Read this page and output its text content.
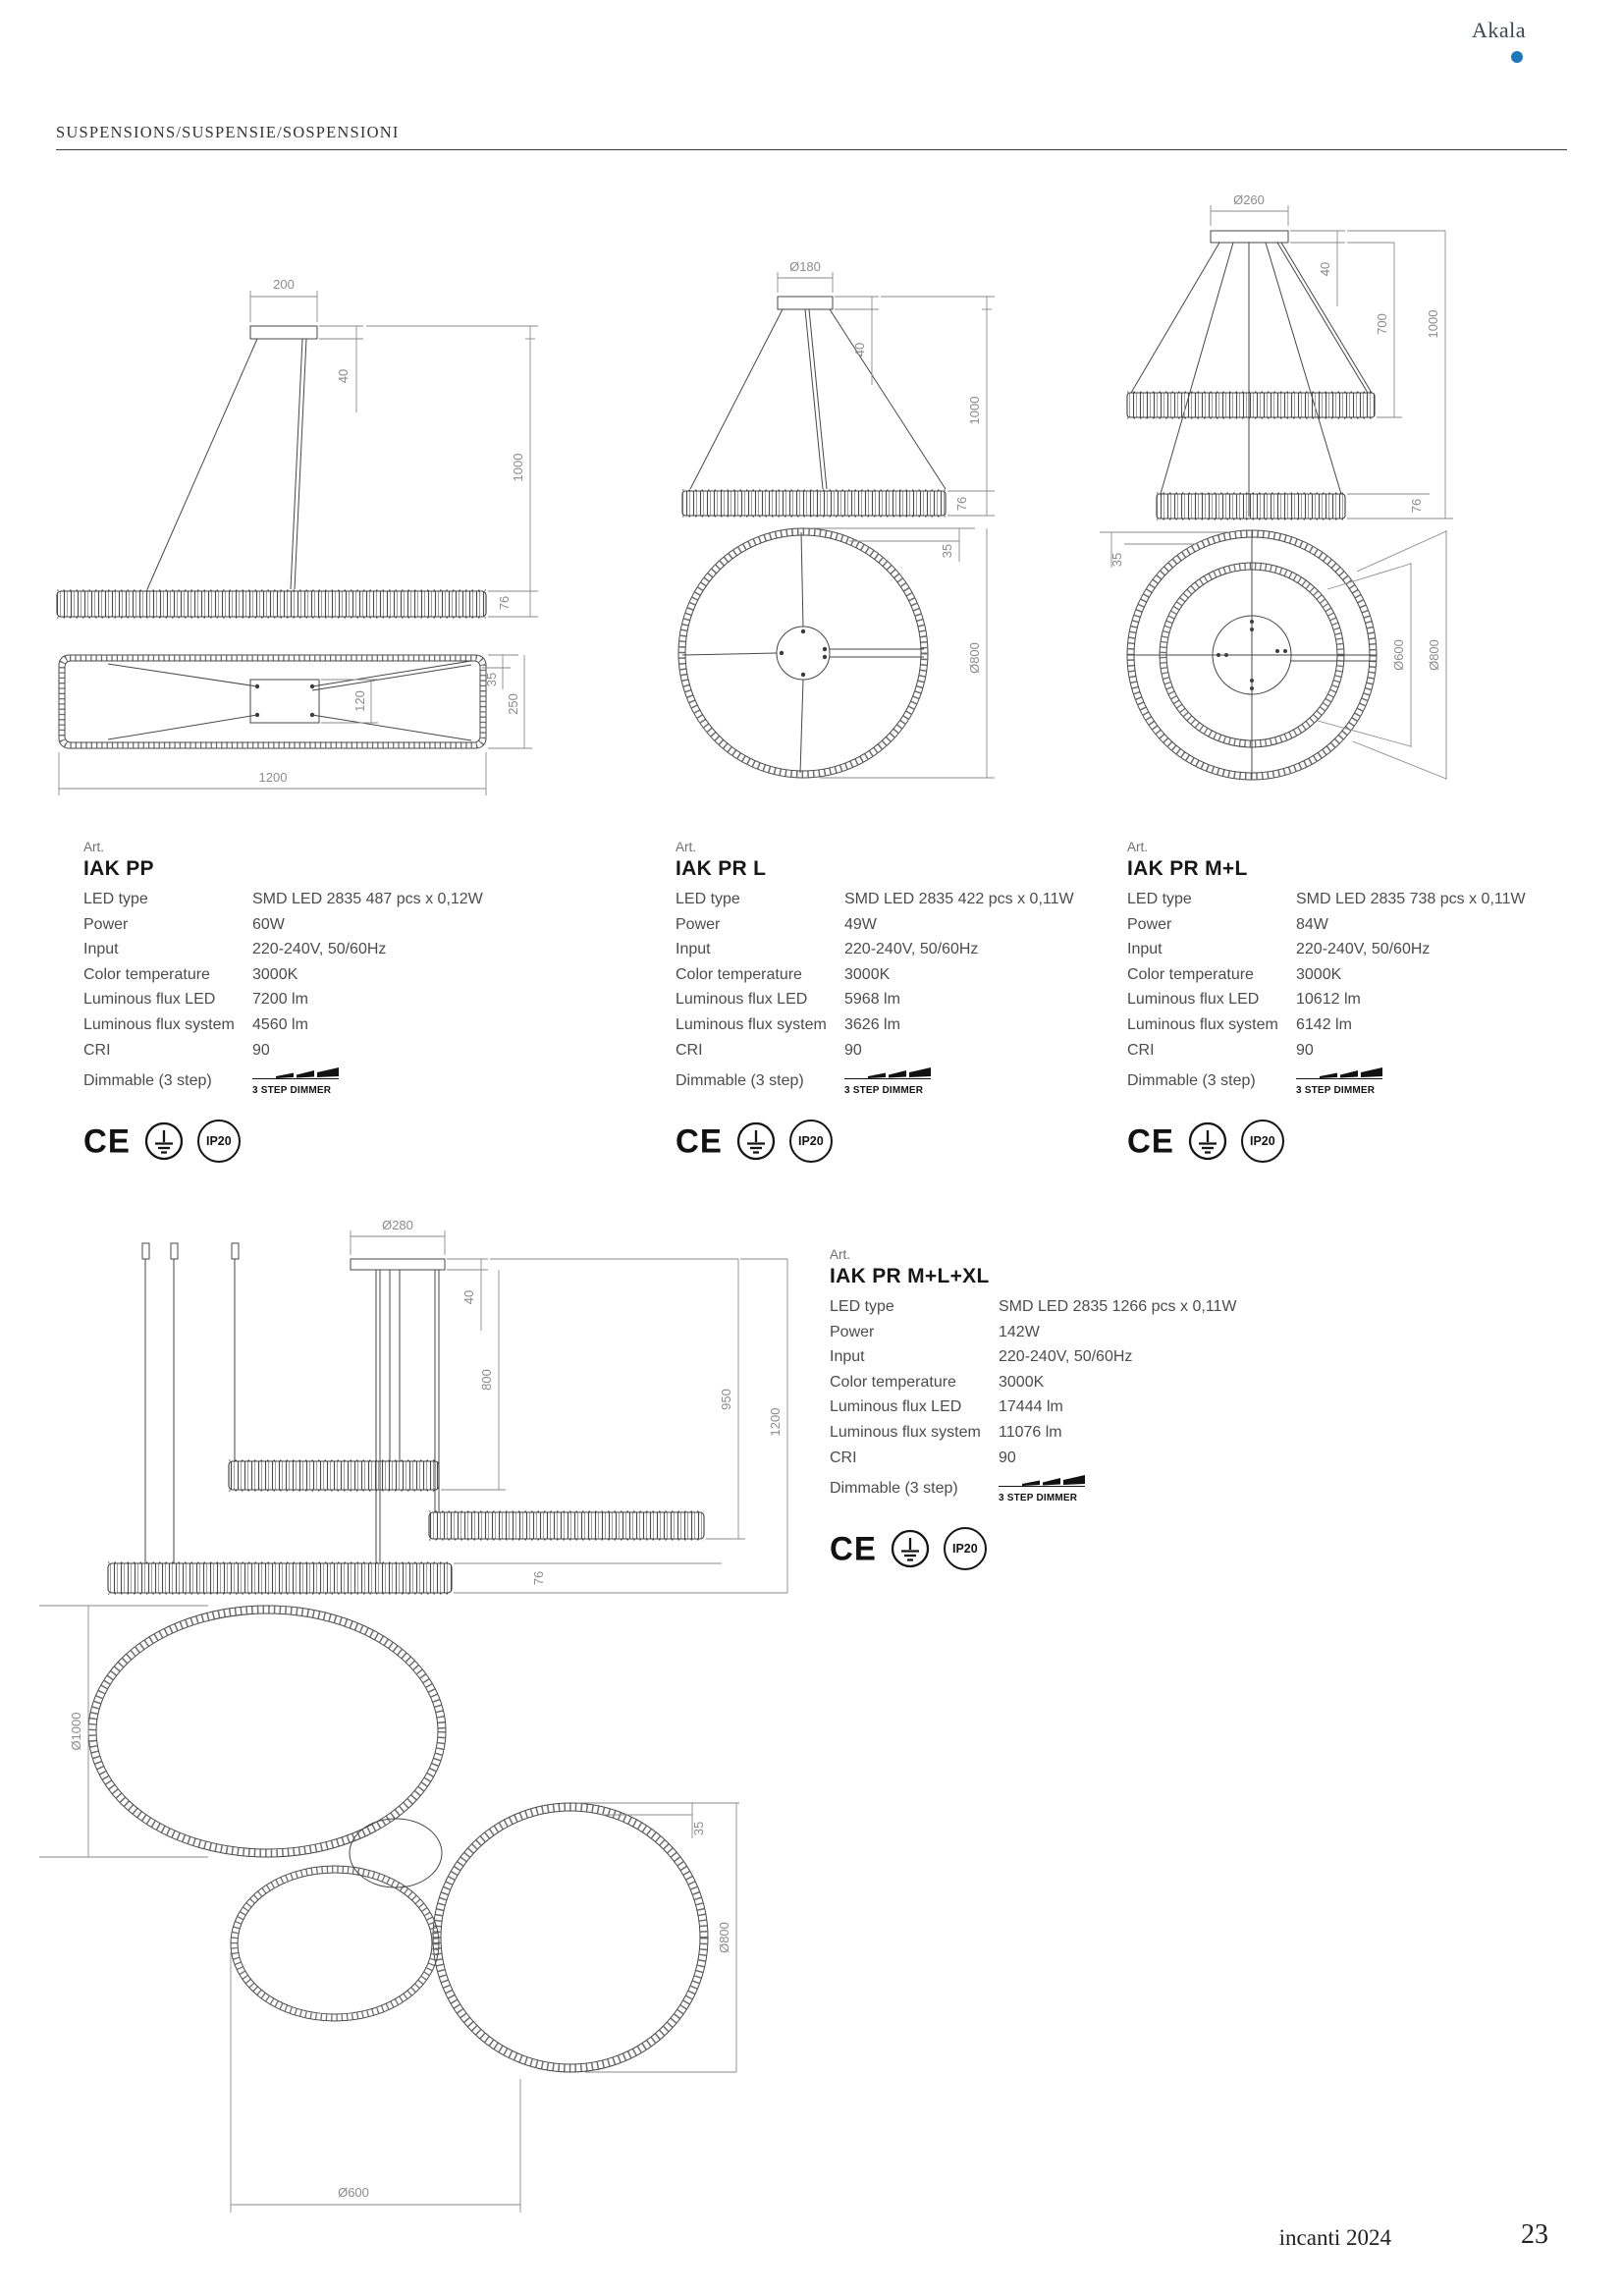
Akala
SUSPENSIONS/SUSPENSIE/SOSPENSIONI
200
40
1000
76
120
35
250
1200
Ø180
40
1000
76
35
Ø800
Ø260
40
700	1000
76
35
Ø600 Ø800
Ø280
40
800
950
1200
76
Ø1000
35
Ø800
Ø600
Art.
IAK PP
LED type	SMD LED 2835 487 pcs x 0,12W
Power	60W
Input	220-240V, 50/60Hz
Color temperature	3000K
Luminous flux LED	7200 lm
Luminous flux system	4560 lm
CRI	90
Dimmable (3 step)
3 STEP DIMMER
CE	IP20
Art.
IAK PR L
LED type	SMD LED 2835 422 pcs x 0,11W
Power	49W
Input	220-240V, 50/60Hz
Color temperature	3000K
Luminous flux LED	5968 lm
Luminous flux system	3626 lm
CRI	90
Dimmable (3 step)
3 STEP DIMMER
CE	IP20
Art.
IAK PR M+L
LED type	SMD LED 2835 738 pcs x 0,11W
Power	84W
Input	220-240V, 50/60Hz
Color temperature	3000K
Luminous flux LED	10612 lm
Luminous flux system	6142 lm
CRI	90
Dimmable (3 step)
3 STEP DIMMER
CE	IP20
Art.
IAK PR M+L+XL
LED type	SMD LED 2835 1266 pcs x 0,11W
Power	142W
Input	220-240V, 50/60Hz
Color temperature	3000K
Luminous flux LED	17444 lm
Luminous flux system	11076 lm
CRI	90
Dimmable (3 step)
3 STEP DIMMER
CE	IP20
incanti 2024	23
